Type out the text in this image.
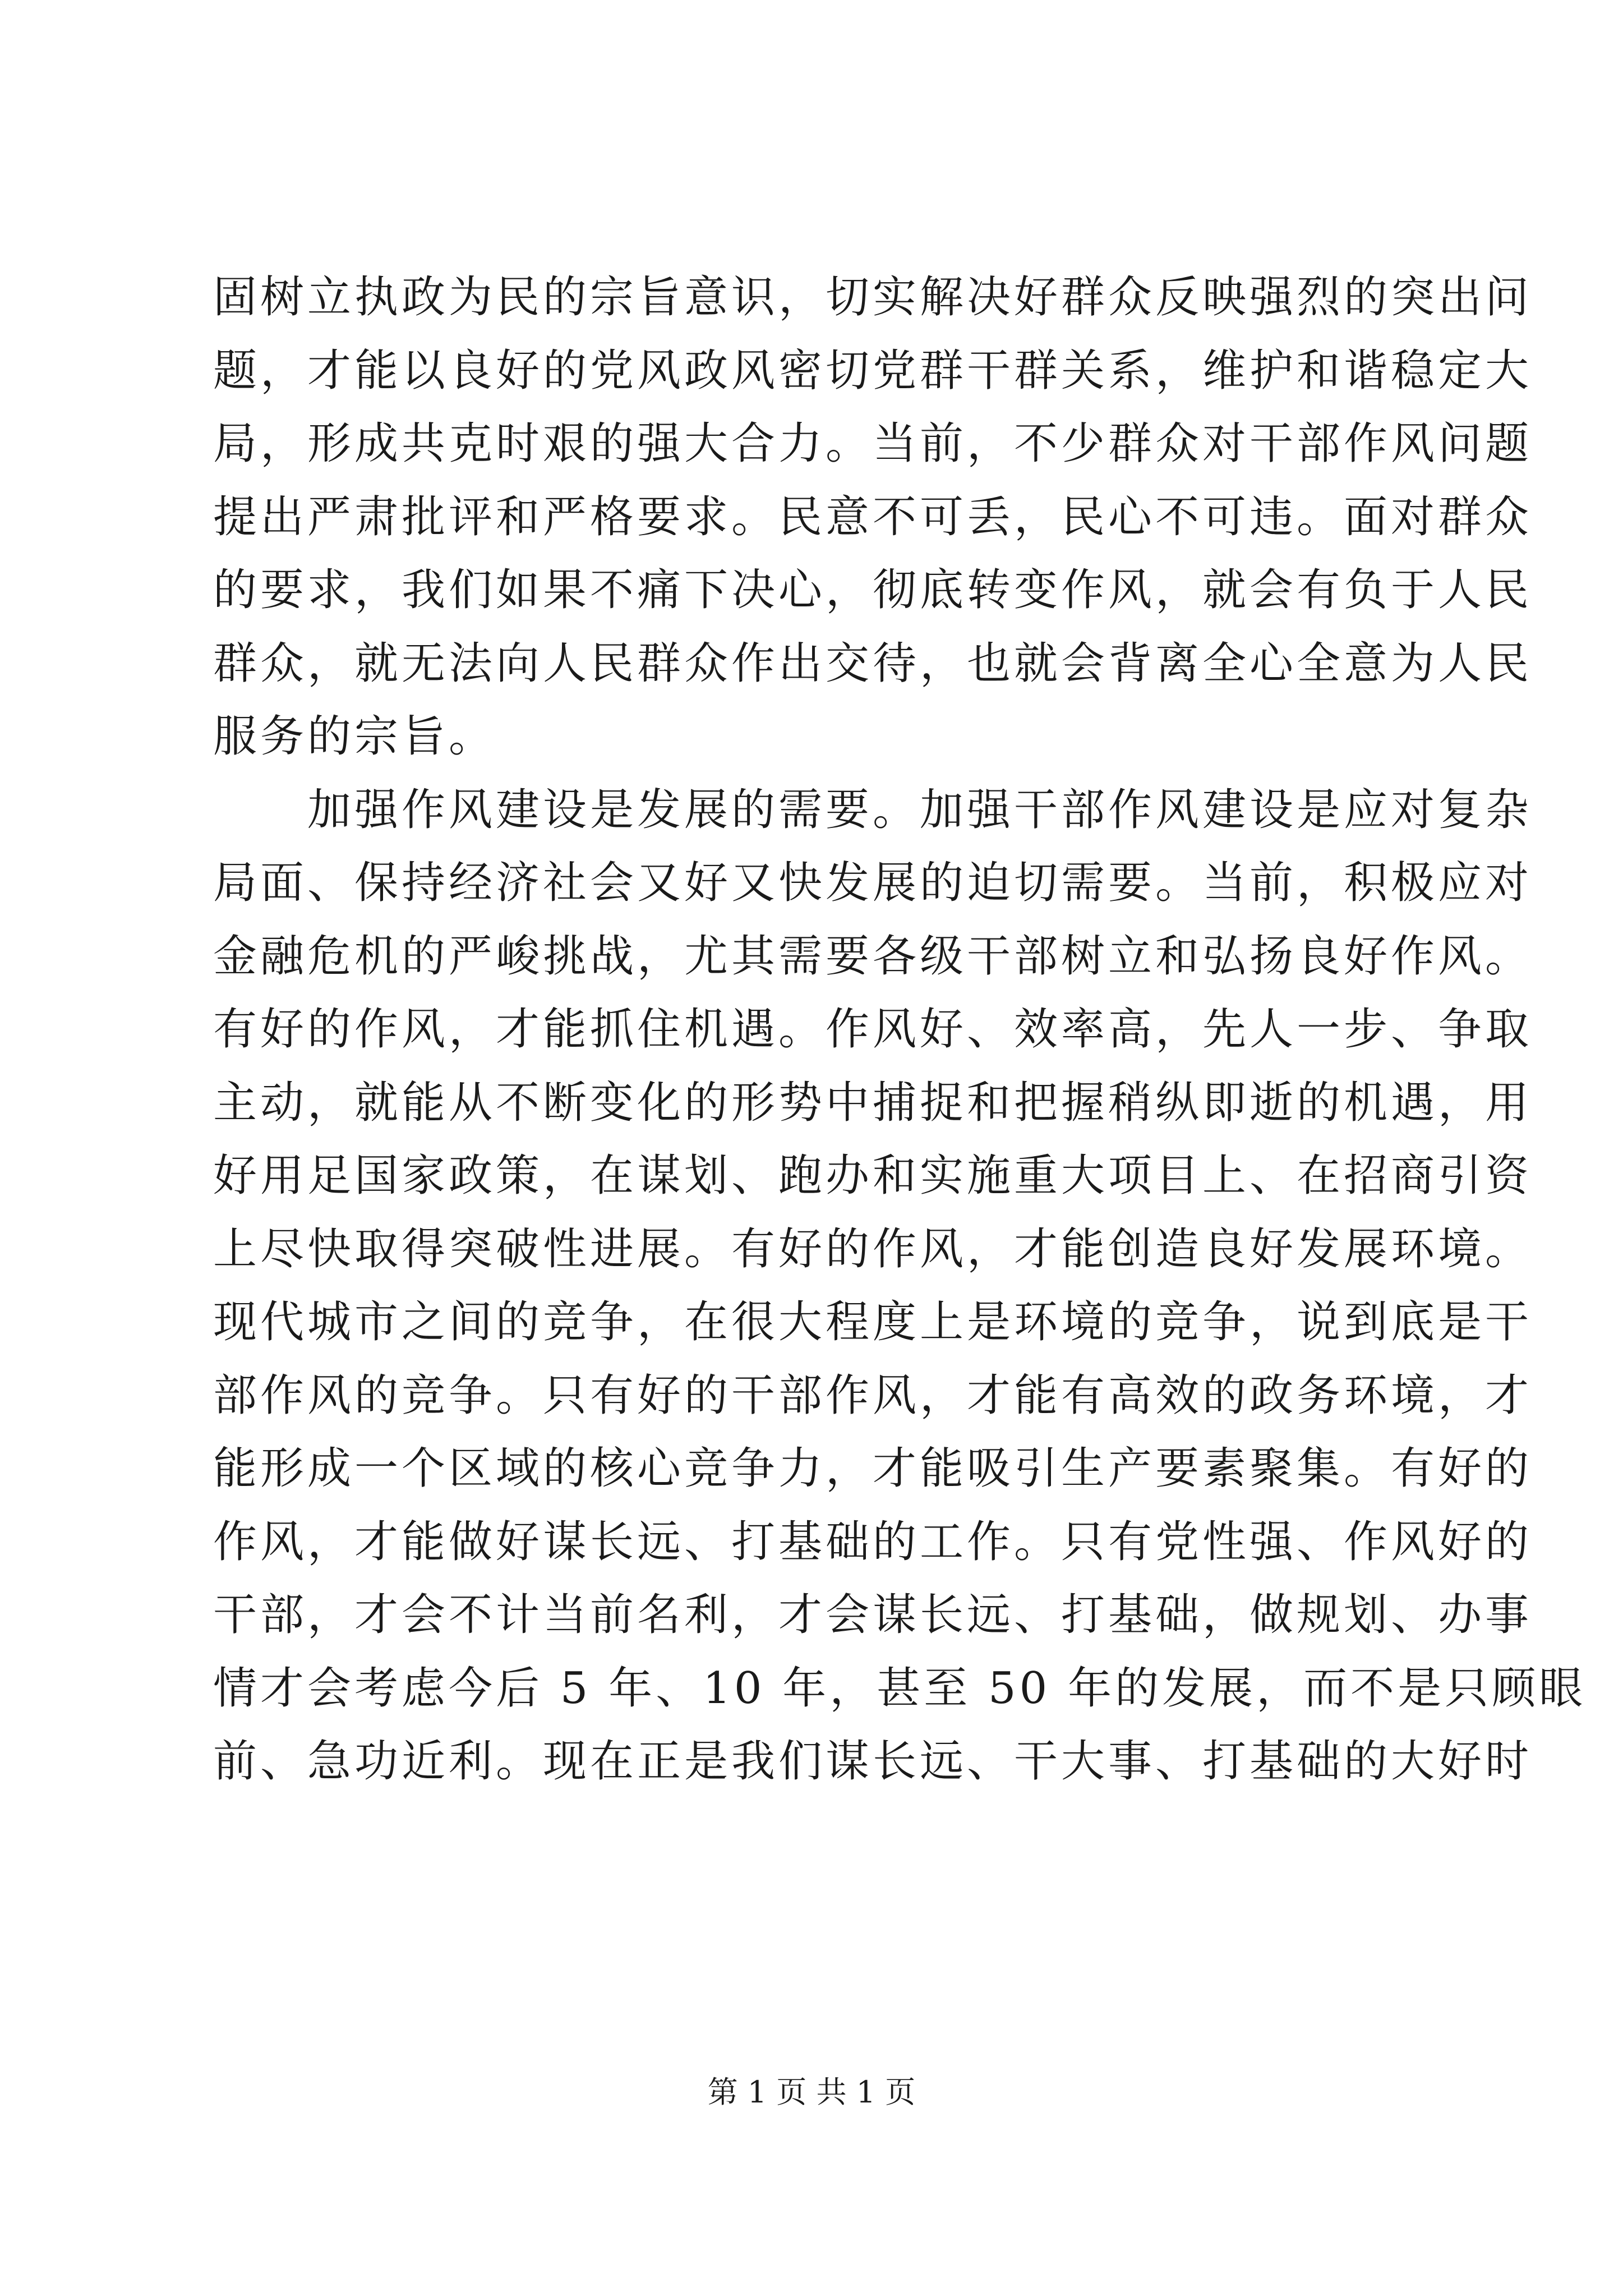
固树立执政为民的宗旨意识，切实解决好群众反映强烈的突出问
题，才能以良好的党风政风密切党群干群关系，维护和谐稳定大
局，形成共克时艰的强大合力。当前，不少群众对干部作风问题
提出严肃批评和严格要求。民意不可丢，民心不可违。面对群众
的要求，我们如果不痛下决心，彻底转变作风，就会有负于人民
群众，就无法向人民群众作出交待，也就会背离全心全意为人民
服务的宗旨。
　　加强作风建设是发展的需要。加强干部作风建设是应对复杂
局面、保持经济社会又好又快发展的迫切需要。当前，积极应对
金融危机的严峻挑战，尤其需要各级干部树立和弘扬良好作风。
有好的作风，才能抓住机遇。作风好、效率高，先人一步、争取
主动，就能从不断变化的形势中捕捉和把握稍纵即逝的机遇，用
好用足国家政策，在谋划、跑办和实施重大项目上、在招商引资
上尽快取得突破性进展。有好的作风，才能创造良好发展环境。
现代城市之间的竞争，在很大程度上是环境的竞争，说到底是干
部作风的竞争。只有好的干部作风，才能有高效的政务环境，才
能形成一个区域的核心竞争力，才能吸引生产要素聚集。有好的
作风，才能做好谋长远、打基础的工作。只有党性强、作风好的
干部，才会不计当前名利，才会谋长远、打基础，做规划、办事
情才会考虑今后 5 年、10 年，甚至 50 年的发展，而不是只顾眼
前、急功近利。现在正是我们谋长远、干大事、打基础的大好时
第 1 页 共 1 页
